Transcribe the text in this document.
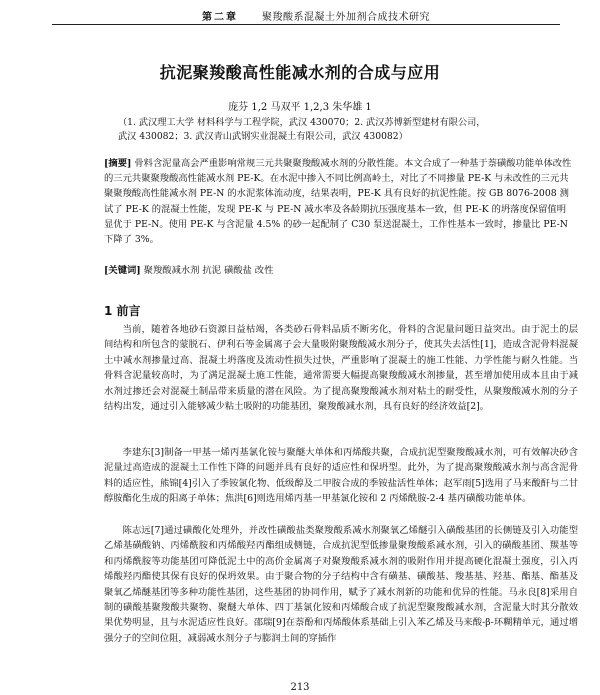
第二章 聚羧酸系混凝土外加剂合成技术研究
抗泥聚羧酸高性能减水剂的合成与应用
庞芬 1,2 马双平 1,2,3 朱华雄 1
（1. 武汉理工大学 材料科学与工程学院，武汉 430070；2. 武汉苏博新型建材有限公司，
武汉 430082；3. 武汉青山武钢实业混凝土有限公司，武汉 430082）
[摘要] 骨料含泥量高会严重影响常规三元共聚聚羧酸减水剂的分散性能。本文合成了一种基于萘磺酸功能单体改性的三元共聚聚羧酸高性能减水剂 PE-K。在水泥中掺入不同比例高岭土，对比了不同掺量 PE-K 与未改性的三元共聚聚羧酸高性能减水剂 PE-N 的水泥浆体流动度，结果表明，PE-K 具有良好的抗泥性能。按 GB 8076-2008 测试了 PE-K 的混凝土性能，发现 PE-K 与 PE-N 减水率及各龄期抗压强度基本一致，但 PE-K 的坍落度保留值明显优于 PE-N。使用 PE-K 与含泥量 4.5% 的砂一起配制了 C30 泵送混凝土，工作性基本一致时，掺量比 PE-N 下降了 3%。
[关键词] 聚羧酸减水剂 抗泥 磺酸盐 改性
1 前言

当前，随着各地砂石资源日益枯竭，各类砂石骨料品质不断劣化，骨料的含泥量问题日益突出。由于泥土的层间结构和所包含的蒙脱石、伊利石等金属离子会大量吸附聚羧酸减水剂分子，使其失去活性[1]，造成含泥骨料混凝土中减水剂掺量过高、混凝土坍落度及流动性损失过快，严重影响了混凝土的施工性能、力学性能与耐久性能。当骨料含泥量较高时，为了满足混凝土施工性能，通常需要大幅提高聚羧酸减水剂掺量，甚至增加使用成本且由于减水剂过掺还会对混凝土制品带来质量的潜在风险。为了提高聚羧酸减水剂对粘土的耐受性，从聚羧酸减水剂的分子结构出发，通过引入能够减少粘土吸附的功能基团，聚羧酸减水剂，具有良好的经济效益[2]。

李建东[3]制备一甲基一烯丙基氯化铵与聚醚大单体和丙烯酸共聚，合成抗泥型聚羧酸减水剂，可有效解决砂含泥量过高造成的混凝土工作性下降的问题并具有良好的适应性和保坍型。此外，为了提高聚羧酸减水剂与高含泥骨料的适应性，熊锦[4]引入了季铵氯化物、低级醇及二甲胺合成的季铵盐活性单体；赵军雨[5]选用了马来酸酐与二甘醇胺酯化生成的阳离子单体；焦洪[6]则选用烯丙基一甲基氯化铵和 2 丙烯酰胺-2-4 基丙磺酸功能单体。

陈志远[7]通过磺酸化处理外，并改性磺酸盐类聚羧酸系减水剂聚氧乙烯醚引入磺酸基团的长侧链及引入功能型乙烯基磺酸钠、丙烯酰胺和丙烯酸羟丙酯组成侧链，合成抗泥型低掺量聚羧酸系减水剂，引入的磺酸基团、羰基等和丙烯酰胺等功能基团可降低泥土中的高价金属离子对聚羧酸系减水剂的吸附作用并提高硬化混凝土强度，引入丙烯酸羟丙酯使其保有良好的保坍效果。由于聚合物的分子结构中含有磺基、磺酸基、羧基基、羟基、酯基、酯基及聚氧乙烯醚基团等多种功能性基团，这些基团的协同作用，赋予了减水剂新的功能和优异的性能。马永良[8]采用自制的磺酸基聚羧酸共聚物、聚醚大单体、四丁基氯化铵和丙烯酸合成了抗泥型聚羧酸减水剂，含泥量大时其分散效果优势明显，且与水泥适应性良好。邵瑞[9]在萘酚和丙烯酸体系基础上引入苯乙烯及马来酸-β-环糊精单元，通过增强分子的空间位阻，减弱减水剂分子与膨润土间的穿插作

213
